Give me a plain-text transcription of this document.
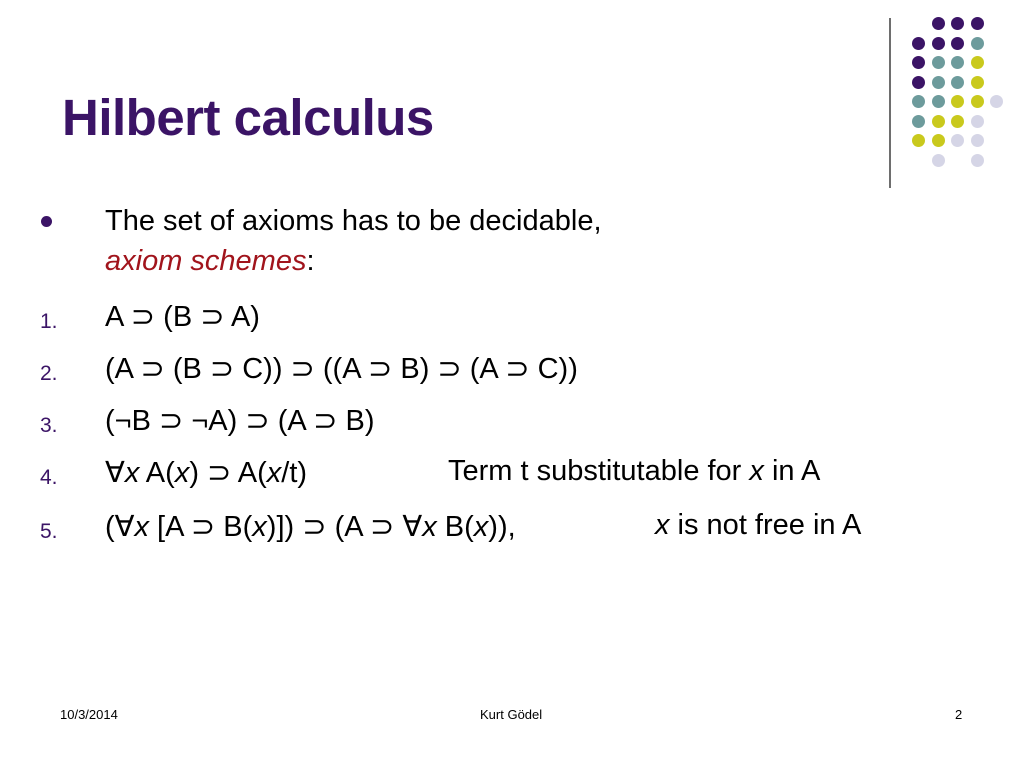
Hilbert calculus
The set of axioms has to be decidable,
axiom schemes:
1. A ⊃ (B ⊃ A)
2. (A ⊃ (B ⊃ C)) ⊃ ((A ⊃ B) ⊃ (A ⊃ C))
3. (¬B ⊃ ¬A) ⊃ (A ⊃ B)
4. ∀x A(x) ⊃ A(x/t)	Term t substitutable for x in A
5. (∀x [A ⊃ B(x)]) ⊃ (A ⊃ ∀x B(x)),	x is not free in A
10/3/2014	Kurt Gödel	2
